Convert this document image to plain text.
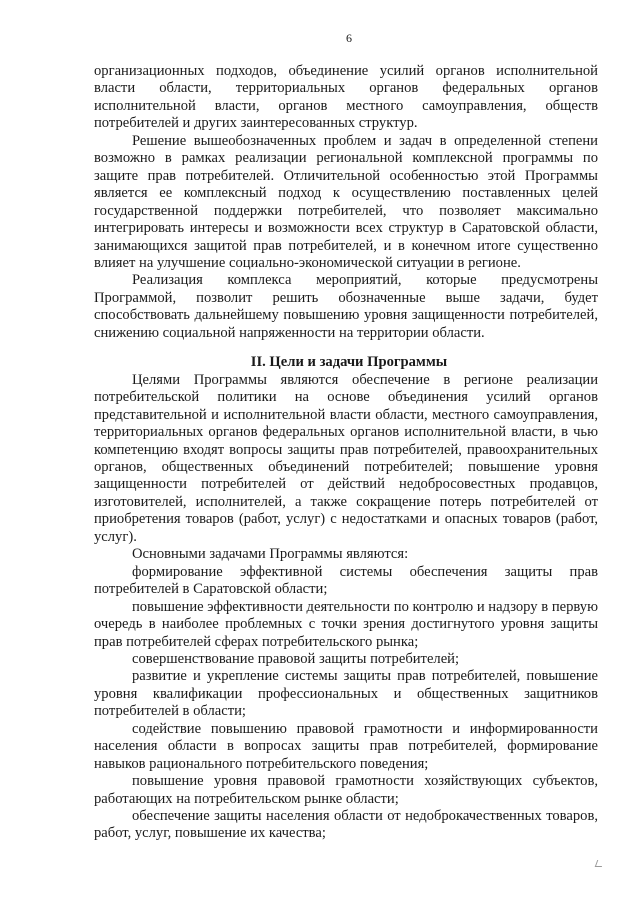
6

организационных подходов, объединение усилий органов исполнительной власти области, территориальных органов федеральных органов исполнительной власти, органов местного самоуправления, обществ потребителей и других заинтересованных структур.

Решение вышеобозначенных проблем и задач в определенной степени возможно в рамках реализации региональной комплексной программы по защите прав потребителей. Отличительной особенностью этой Программы является ее комплексный подход к осуществлению поставленных целей государственной поддержки потребителей, что позволяет максимально интегрировать интересы и возможности всех структур в Саратовской области, занимающихся защитой прав потребителей, и в конечном итоге существенно влияет на улучшение социально-экономической ситуации в регионе.

Реализация комплекса мероприятий, которые предусмотрены Программой, позволит решить обозначенные выше задачи, будет способствовать дальнейшему повышению уровня защищенности потребителей, снижению социальной напряженности на территории области.

II. Цели и задачи Программы

Целями Программы являются обеспечение в регионе реализации потребительской политики на основе объединения усилий органов представительной и исполнительной власти области, местного самоуправления, территориальных органов федеральных органов исполнительной власти, в чью компетенцию входят вопросы защиты прав потребителей, правоохранительных органов, общественных объединений потребителей; повышение уровня защищенности потребителей от действий недобросовестных продавцов, изготовителей, исполнителей, а также сокращение потерь потребителей от приобретения товаров (работ, услуг) с недостатками и опасных товаров (работ, услуг).

Основными задачами Программы являются:

формирование эффективной системы обеспечения защиты прав потребителей в Саратовской области;

повышение эффективности деятельности по контролю и надзору в первую очередь в наиболее проблемных с точки зрения достигнутого уровня защиты прав потребителей сферах потребительского рынка;

совершенствование правовой защиты потребителей;

развитие и укрепление системы защиты прав потребителей, повышение уровня квалификации профессиональных и общественных защитников потребителей в области;

содействие повышению правовой грамотности и информированности населения области в вопросах защиты прав потребителей, формирование навыков рационального потребительского поведения;

повышение уровня правовой грамотности хозяйствующих субъектов, работающих на потребительском рынке области;

обеспечение защиты населения области от недоброкачественных товаров, работ, услуг, повышение их качества;
